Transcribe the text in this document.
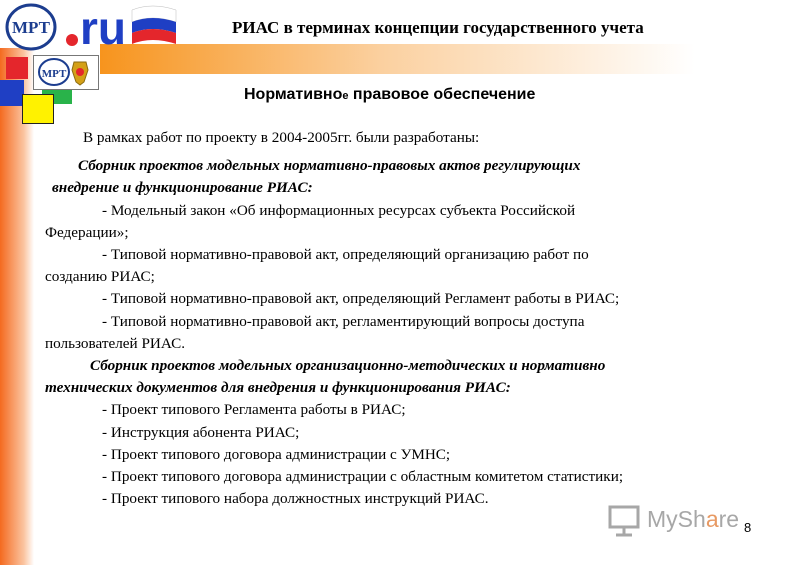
МРТ ru
МРТ
РИАС в терминах концепции государственного учета
Нормативное правовое обеспечение

В рамках работ по проекту в 2004-2005гг. были разработаны:

Сборник проектов модельных нормативно-правовых актов регулирующих

внедрение и функционирование РИАС:

- Модельный закон «Об информационных ресурсах субъекта Российской

Федерации»;

- Типовой нормативно-правовой акт, определяющий организацию работ по

созданию РИАС;

- Типовой нормативно-правовой акт, определяющий Регламент работы в РИАС;

- Типовой нормативно-правовой акт, регламентирующий вопросы доступа

пользователей РИАС.

Сборник проектов модельных организационно-методических и нормативно

технических документов для внедрения и функционирования РИАС:

- Проект типового Регламента работы в РИАС;

- Инструкция абонента РИАС;

- Проект типового договора администрации с УМНС;

- Проект типового договора администрации с областным комитетом статистики;

- Проект типового набора должностных инструкций РИАС.

MyShare 8
